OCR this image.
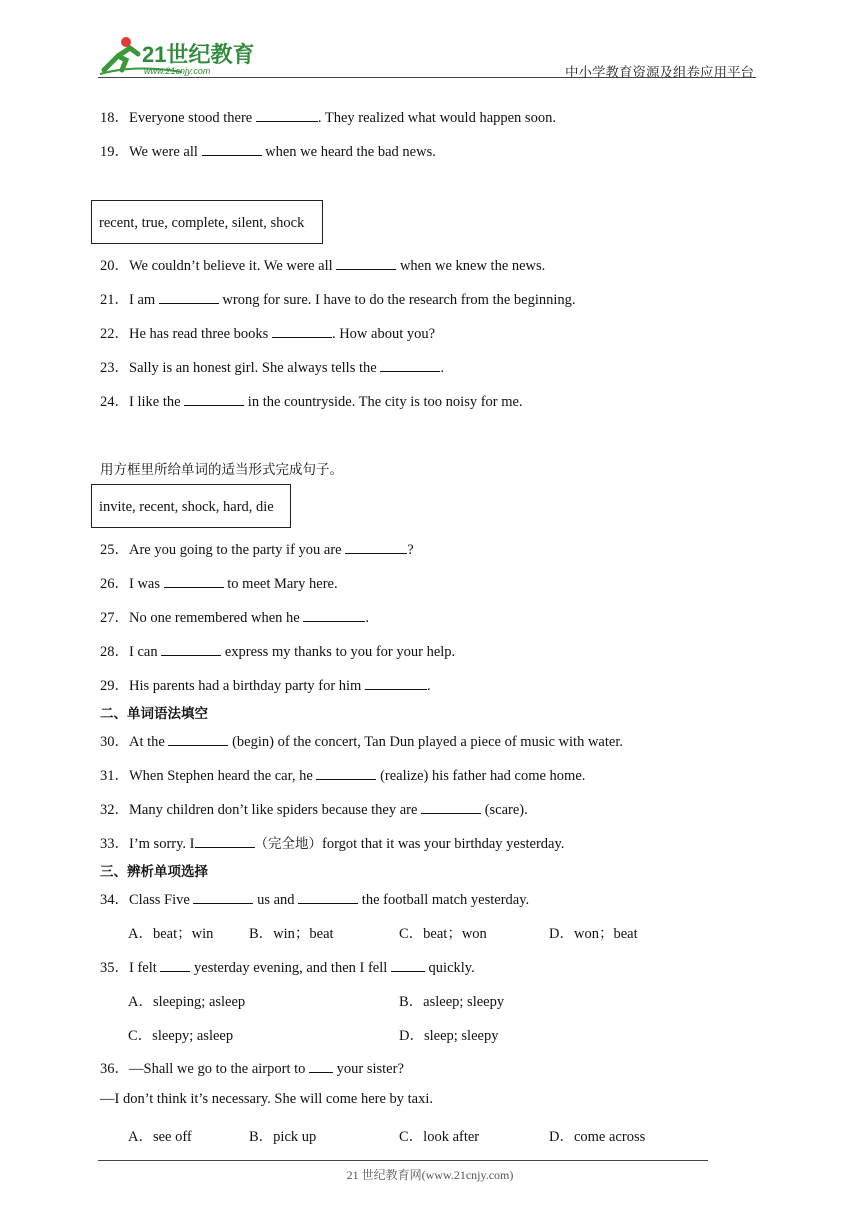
21世纪教育
www.21cnjy.com	中小学教育资源及组卷应用平台
18．Everyone stood there	. They realized what would happen soon.
19．We were all	when we heard the bad news.
recent, true, complete, silent, shock
20．We couldn’t believe it. We were all	when we knew the news.
21．I am	wrong for sure. I have to do the research from the beginning.
22．He has read three books	. How about you?
23．Sally is an honest girl. She always tells the	.
24．I like the	in the countryside. The city is too noisy for me.
用方框里所给单词的适当形式完成句子。
invite, recent, shock, hard, die
25．Are you going to the party if you are	?
26．I was	to meet Mary here.
27．No one remembered when he	.
28．I can	express my thanks to you for your help.
29．His parents had a birthday party for him	.
二、单词语法填空
30．At the	(begin) of the concert, Tan Dun played a piece of music with water.
31．When Stephen heard the car, he	(realize) his father had come home.
32．Many children don’t like spiders because they are	(scare).
33．I’m sorry. I	（完全地）forgot that it was your birthday yesterday.
三、辨析单项选择
34．Class Five	us and	the football match yesterday.
A．beat；win B．win；beat	C．beat；won	D．won；beat
35．I felt  yesterday evening, and then I fell  quickly.
A．sleeping; asleep	B．asleep; sleepy
C．sleepy; asleep	D．sleep; sleepy
36．—Shall we go to the airport to  your sister?
—I don’t think it’s necessary. She will come here by taxi.
A．see off	B．pick up	C．look after	D．come across
21 世纪教育网(www.21cnjy.com)
